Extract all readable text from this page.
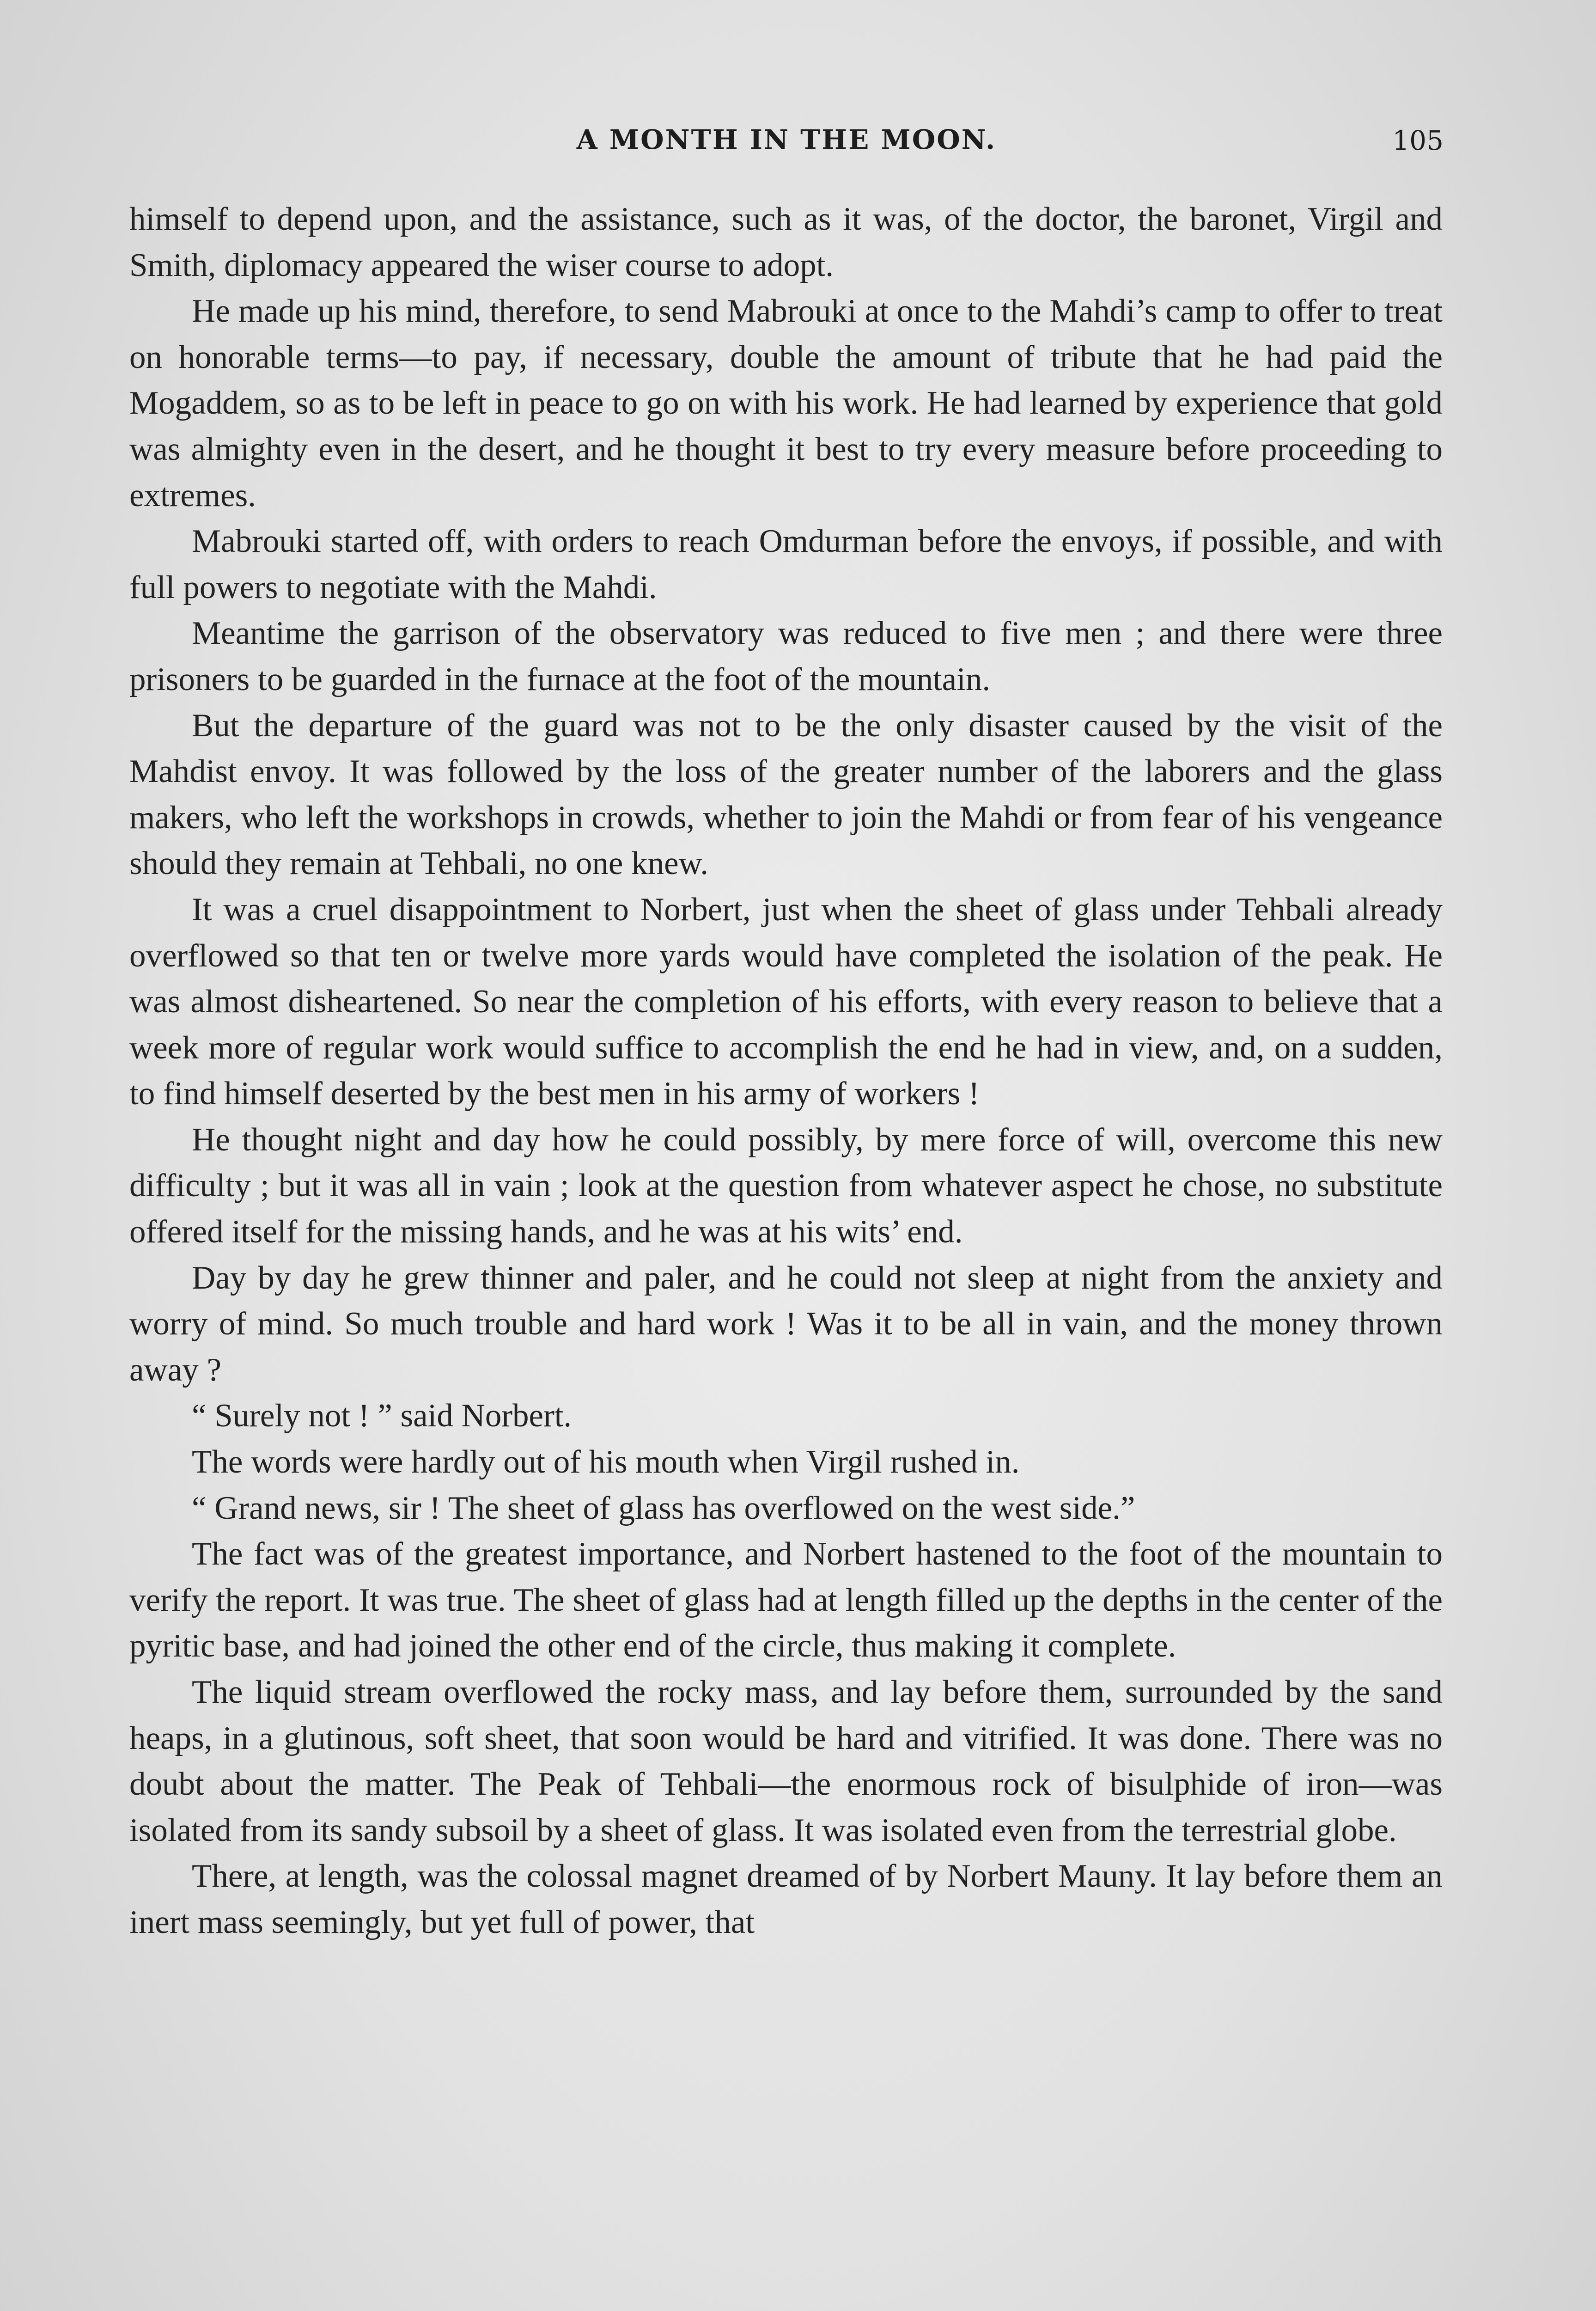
A MONTH IN THE MOON.	105

himself to depend upon, and the assistance, such as it was, of the doctor, the baronet, Virgil and Smith, diplomacy appeared the wiser course to adopt.

He made up his mind, therefore, to send Mabrouki at once to the Mahdi’s camp to offer to treat on honorable terms—to pay, if necessary, double the amount of tribute that he had paid the Mogaddem, so as to be left in peace to go on with his work. He had learned by experience that gold was almighty even in the desert, and he thought it best to try every measure before proceeding to extremes.

Mabrouki started off, with orders to reach Omdurman before the envoys, if possible, and with full powers to negotiate with the Mahdi.

Meantime the garrison of the observatory was reduced to five men ; and there were three prisoners to be guarded in the furnace at the foot of the mountain.

But the departure of the guard was not to be the only disaster caused by the visit of the Mahdist envoy. It was followed by the loss of the greater number of the laborers and the glass makers, who left the workshops in crowds, whether to join the Mahdi or from fear of his vengeance should they remain at Tehbali, no one knew.

It was a cruel disappointment to Norbert, just when the sheet of glass under Tehbali already overflowed so that ten or twelve more yards would have completed the isolation of the peak. He was almost disheartened. So near the completion of his efforts, with every reason to believe that a week more of regular work would suffice to accomplish the end he had in view, and, on a sudden, to find himself deserted by the best men in his army of workers !

He thought night and day how he could possibly, by mere force of will, overcome this new difficulty ; but it was all in vain ; look at the question from whatever aspect he chose, no substitute offered itself for the missing hands, and he was at his wits’ end.

Day by day he grew thinner and paler, and he could not sleep at night from the anxiety and worry of mind. So much trouble and hard work ! Was it to be all in vain, and the money thrown away ?

“ Surely not ! ” said Norbert.

The words were hardly out of his mouth when Virgil rushed in.

“ Grand news, sir ! The sheet of glass has overflowed on the west side.”

The fact was of the greatest importance, and Norbert hastened to the foot of the mountain to verify the report. It was true. The sheet of glass had at length filled up the depths in the center of the pyritic base, and had joined the other end of the circle, thus making it complete.

The liquid stream overflowed the rocky mass, and lay before them, surrounded by the sand heaps, in a glutinous, soft sheet, that soon would be hard and vitrified. It was done. There was no doubt about the matter. The Peak of Tehbali—the enormous rock of bisulphide of iron—was isolated from its sandy subsoil by a sheet of glass. It was isolated even from the terrestrial globe.

There, at length, was the colossal magnet dreamed of by Norbert Mauny. It lay before them an inert mass seemingly, but yet full of power, that
